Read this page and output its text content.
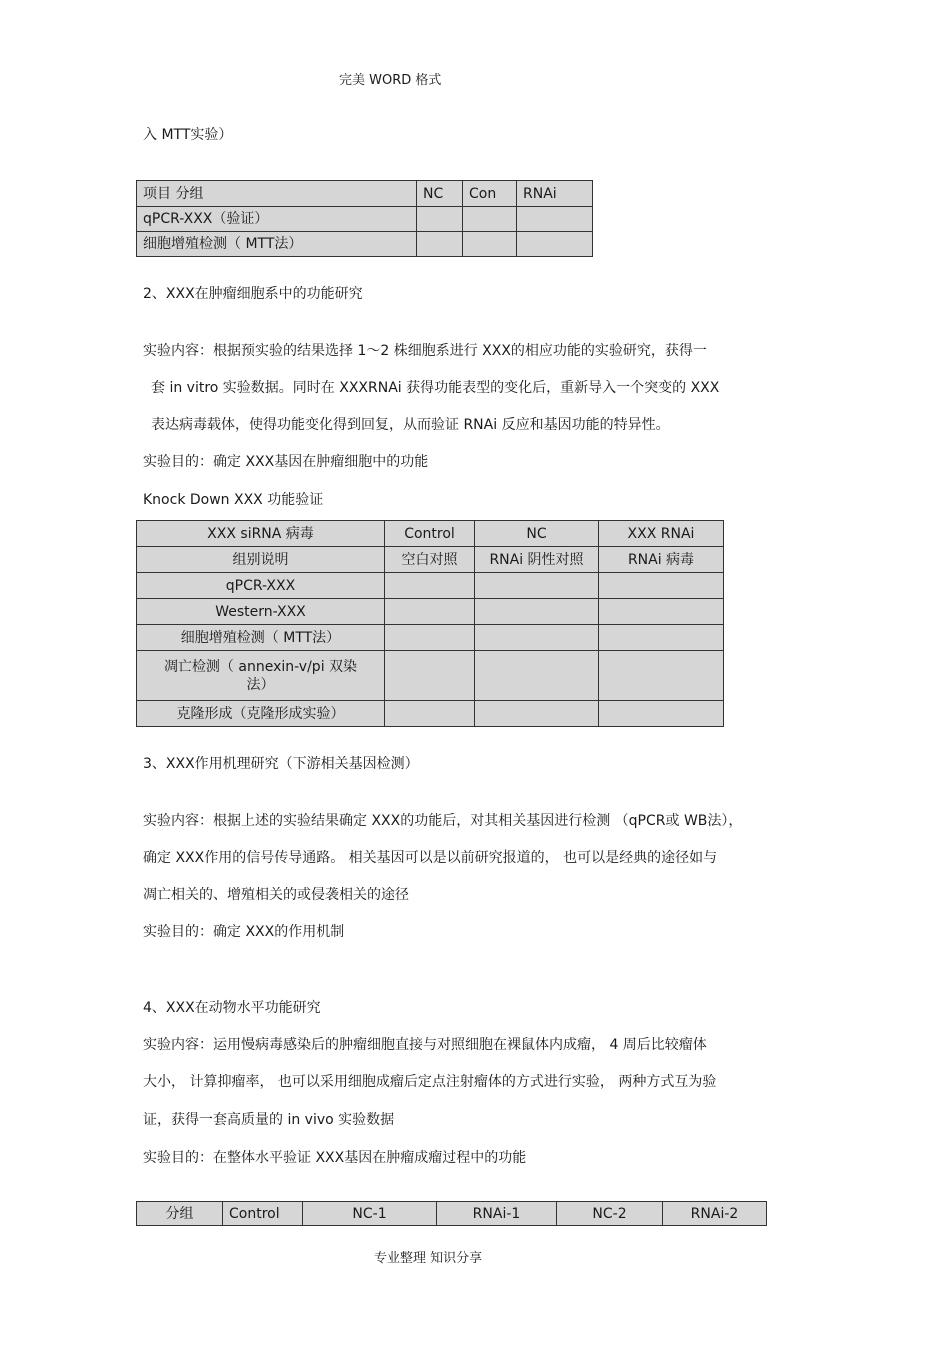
完美 WORD 格式
入 MTT实验）
项目 分组	NC	Con	RNAi
qPCR-XXX（验证）			
细胞增殖检测（ MTT法）			
2、XXX在肿瘤细胞系中的功能研究
实验内容：根据预实验的结果选择 1～2 株细胞系进行 XXX的相应功能的实验研究，获得一
套 in vitro 实验数据。同时在 XXXRNAi 获得功能表型的变化后，重新导入一个突变的 XXX
表达病毒载体，使得功能变化得到回复，从而验证 RNAi 反应和基因功能的特异性。
实验目的：确定 XXX基因在肿瘤细胞中的功能
Knock Down XXX 功能验证
XXX siRNA 病毒	Control	NC	XXX RNAi
组别说明	空白对照	RNAi 阴性对照	RNAi 病毒
qPCR-XXX			
Western-XXX			
细胞增殖检测（ MTT法）			
凋亡检测（ annexin-v/pi 双染法）			
克隆形成（克隆形成实验）			
3、XXX作用机理研究（下游相关基因检测）
实验内容：根据上述的实验结果确定 XXX的功能后，对其相关基因进行检测 （qPCR或 WB法），
确定 XXX作用的信号传导通路。 相关基因可以是以前研究报道的， 也可以是经典的途径如与
凋亡相关的、增殖相关的或侵袭相关的途径
实验目的：确定 XXX的作用机制
4、XXX在动物水平功能研究
实验内容：运用慢病毒感染后的肿瘤细胞直接与对照细胞在裸鼠体内成瘤， 4 周后比较瘤体
大小， 计算抑瘤率， 也可以采用细胞成瘤后定点注射瘤体的方式进行实验， 两种方式互为验
证，获得一套高质量的 in vivo 实验数据
实验目的：在整体水平验证 XXX基因在肿瘤成瘤过程中的功能
分组	Control	NC-1	RNAi-1	NC-2	RNAi-2
专业整理 知识分享
